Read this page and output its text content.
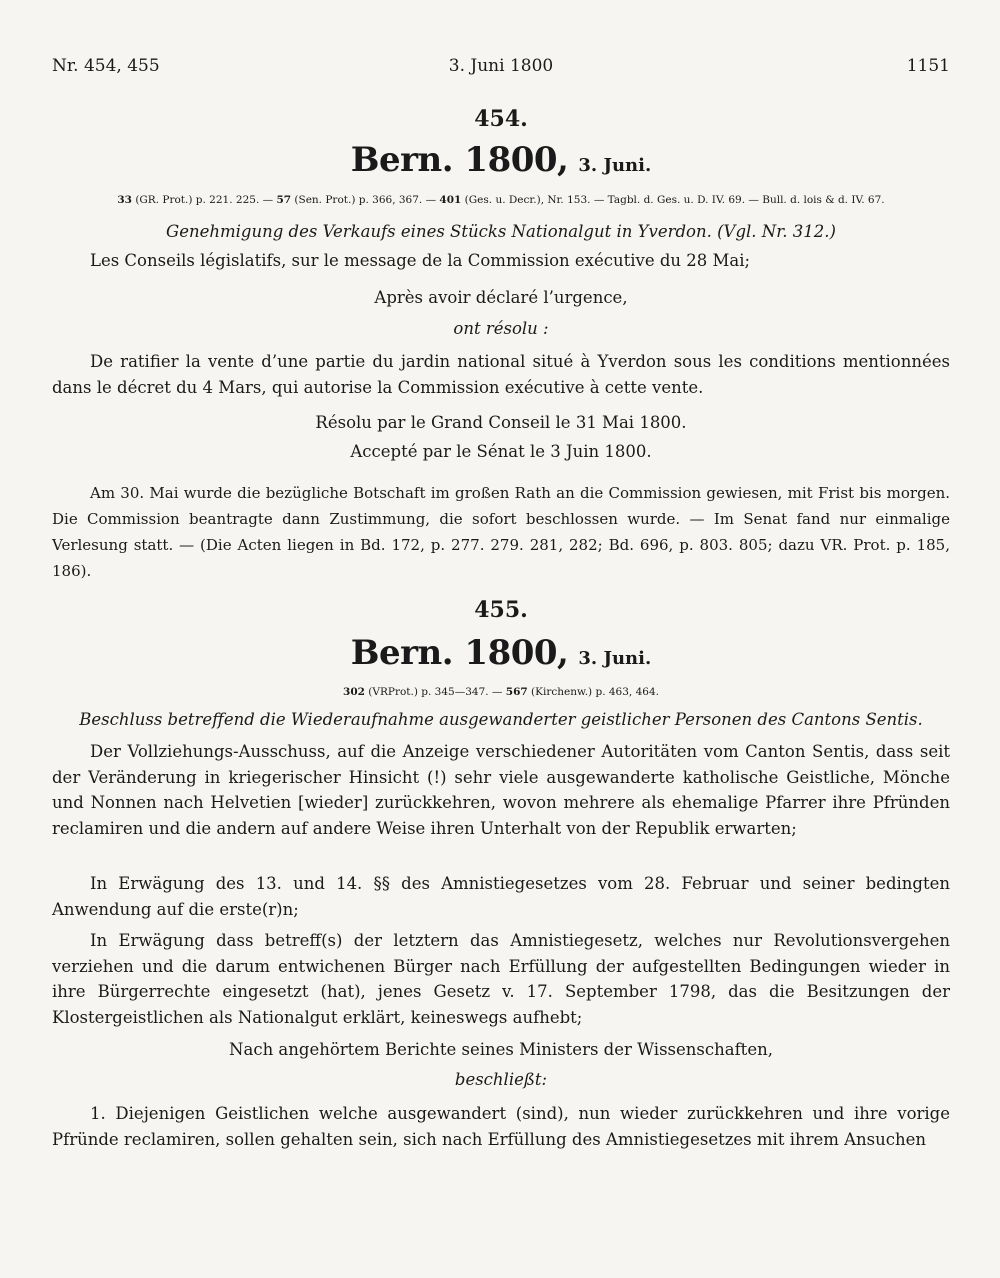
3. Juni 1800
Nr. 454, 455	1151
454.
Bern. 1800, 3. Juni.
33 (GR. Prot.) p. 221. 225. — 57 (Sen. Prot.) p. 366, 367. — 401 (Ges. u. Decr.), Nr. 153. — Tagbl. d. Ges. u. D. IV. 69. — Bull. d. lois & d. IV. 67.
Genehmigung des Verkaufs eines Stücks Nationalgut in Yverdon. (Vgl. Nr. 312.)
Les Conseils législatifs, sur le message de la Commission exécutive du 28 Mai;
Après avoir déclaré l’urgence,
ont résolu :
De ratifier la vente d’une partie du jardin national situé à Yverdon sous les conditions mentionnées dans le décret du 4 Mars, qui autorise la Commission exécutive à cette vente.
Résolu par le Grand Conseil le 31 Mai 1800.
Accepté par le Sénat le 3 Juin 1800.
Am 30. Mai wurde die bezügliche Botschaft im großen Rath an die Commission gewiesen, mit Frist bis morgen. Die Commission beantragte dann Zustimmung, die sofort beschlossen wurde. — Im Senat fand nur einmalige Verlesung statt. — (Die Acten liegen in Bd. 172, p. 277. 279. 281, 282; Bd. 696, p. 803. 805; dazu VR. Prot. p. 185, 186).
455.
Bern. 1800, 3. Juni.
302 (VRProt.) p. 345—347. — 567 (Kirchenw.) p. 463, 464.
Beschluss betreffend die Wiederaufnahme ausgewanderter geistlicher Personen des Cantons Sentis.
Der Vollziehungs-Ausschuss, auf die Anzeige verschiedener Autoritäten vom Canton Sentis, dass seit der Veränderung in kriegerischer Hinsicht (!) sehr viele ausgewanderte katholische Geistliche, Mönche und Nonnen nach Helvetien [wieder] zurückkehren, wovon mehrere als ehemalige Pfarrer ihre Pfründen reclamiren und die andern auf andere Weise ihren Unterhalt von der Republik erwarten;
In Erwägung des 13. und 14. §§ des Amnistiegesetzes vom 28. Februar und seiner bedingten Anwendung auf die erste(r)n;
In Erwägung dass betreff(s) der letztern das Amnistiegesetz, welches nur Revolutionsvergehen verziehen und die darum entwichenen Bürger nach Erfüllung der aufgestellten Bedingungen wieder in ihre Bürgerrechte eingesetzt (hat), jenes Gesetz v. 17. September 1798, das die Besitzungen der Klostergeistlichen als Nationalgut erklärt, keineswegs aufhebt;
Nach angehörtem Berichte seines Ministers der Wissenschaften,
beschließt:
1. Diejenigen Geistlichen welche ausgewandert (sind), nun wieder zurückkehren und ihre vorige Pfründe reclamiren, sollen gehalten sein, sich nach Erfüllung des Amnistiegesetzes mit ihrem Ansuchen
